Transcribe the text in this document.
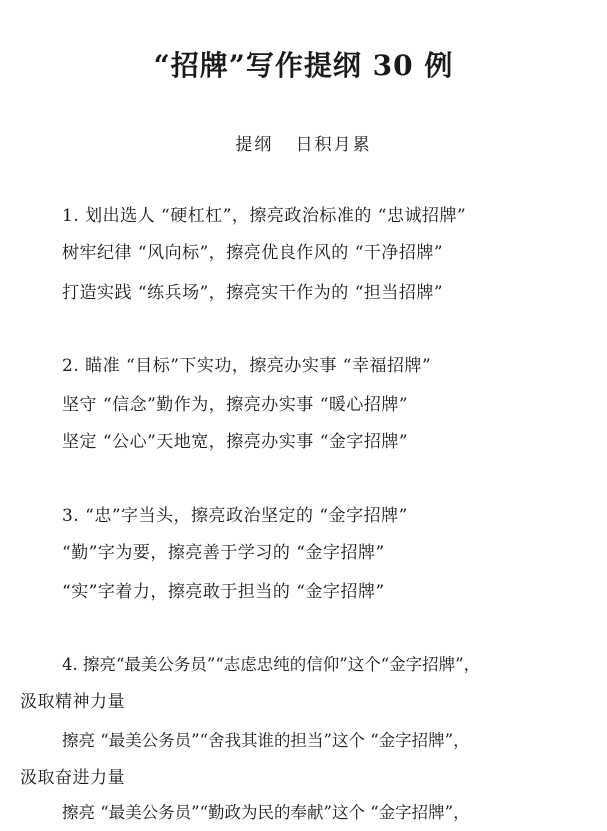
“招牌”写作提纲 30 例
提纲   日积月累
1. 划出选人 “硬杠杠”，擦亮政治标准的 “忠诚招牌”
树牢纪律 “风向标”，擦亮优良作风的 “干净招牌”
打造实践 “练兵场”，擦亮实干作为的 “担当招牌”
2. 瞄准 “目标”下实功，擦亮办实事 “幸福招牌”
坚守 “信念”勤作为，擦亮办实事 “暖心招牌”
坚定 “公心”天地宽，擦亮办实事 “金字招牌”
3. “忠”字当头，擦亮政治坚定的 “金字招牌”
“勤”字为要，擦亮善于学习的 “金字招牌”
“实”字着力，擦亮敢于担当的 “金字招牌”
4. 擦亮“最美公务员”“志虑忠纯的信仰”这个“金字招牌”，
汲取精神力量
擦亮 “最美公务员”“舍我其谁的担当”这个 “金字招牌”，
汲取奋进力量
擦亮 “最美公务员”“勤政为民的奉献”这个 “金字招牌”，
